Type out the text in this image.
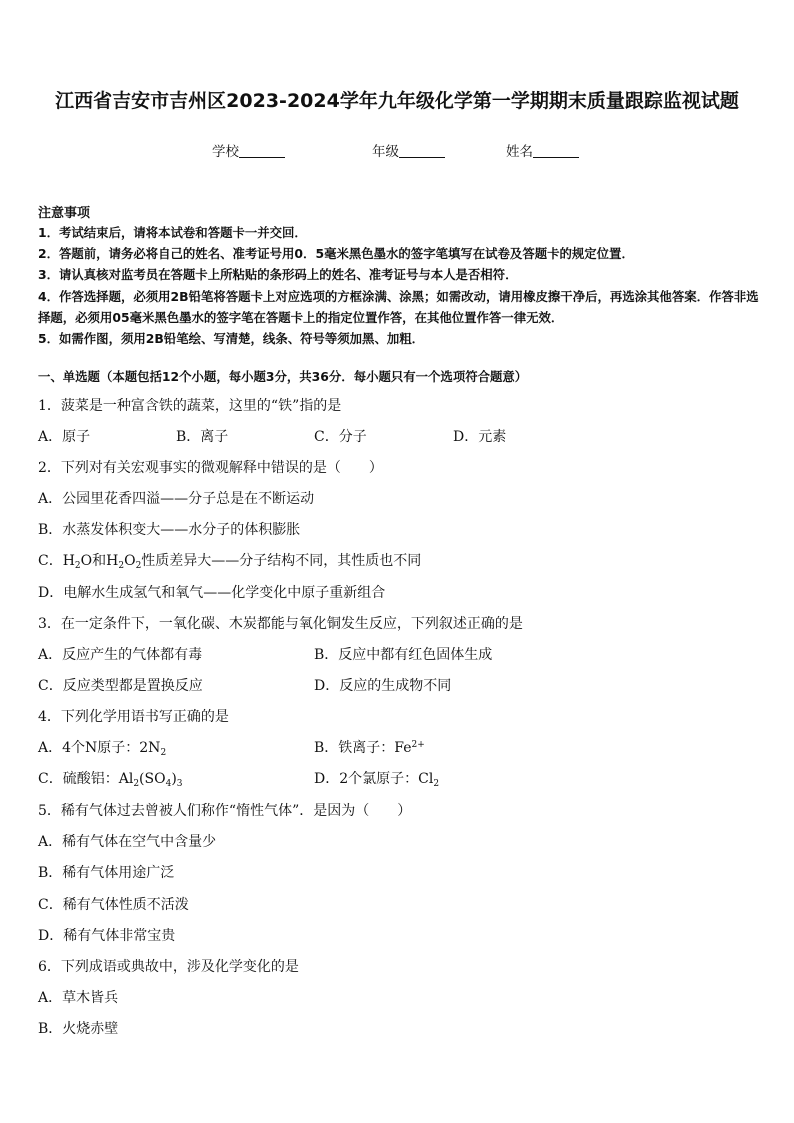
江西省吉安市吉州区2023-2024学年九年级化学第一学期期末质量跟踪监视试题
学校	年级	姓名
注意事项

1．考试结束后，请将本试卷和答题卡一并交回．

2．答题前，请务必将自己的姓名、准考证号用0．5毫米黑色墨水的签字笔填写在试卷及答题卡的规定位置．

3．请认真核对监考员在答题卡上所粘贴的条形码上的姓名、准考证号与本人是否相符．

4．作答选择题，必须用2B铅笔将答题卡上对应选项的方框涂满、涂黑；如需改动，请用橡皮擦干净后，再选涂其他答案．作答非选择题，必须用05毫米黑色墨水的签字笔在答题卡上的指定位置作答，在其他位置作答一律无效．

5．如需作图，须用2B铅笔绘、写清楚，线条、符号等须加黑、加粗．

一、单选题（本题包括12个小题，每小题3分，共36分．每小题只有一个选项符合题意）
1．菠菜是一种富含铁的蔬菜，这里的“铁”指的是
A．原子	B．离子	C．分子	D．元素
2．下列对有关宏观事实的微观解释中错误的是（　　）
A．公园里花香四溢——分子总是在不断运动
B．水蒸发体积变大——水分子的体积膨胀
C．$H_2O$和$H_2O_2$性质差异大——分子结构不同，其性质也不同
D．电解水生成氢气和氧气——化学变化中原子重新组合
3．在一定条件下，一氧化碳、木炭都能与氧化铜发生反应，下列叙述正确的是
A．反应产生的气体都有毒	B．反应中都有红色固体生成
C．反应类型都是置换反应	D．反应的生成物不同
4．下列化学用语书写正确的是
A．4个N原子：$2N_2$	B．铁离子：$Fe^{2+}$
C．硫酸铝：$Al_2(SO_4)_3$	D．2个氯原子：$Cl_2$
5．稀有气体过去曾被人们称作“惰性气体”．是因为（　　）
A．稀有气体在空气中含量少
B．稀有气体用途广泛
C．稀有气体性质不活泼
D．稀有气体非常宝贵
6．下列成语或典故中，涉及化学变化的是
A．草木皆兵
B．火烧赤壁
